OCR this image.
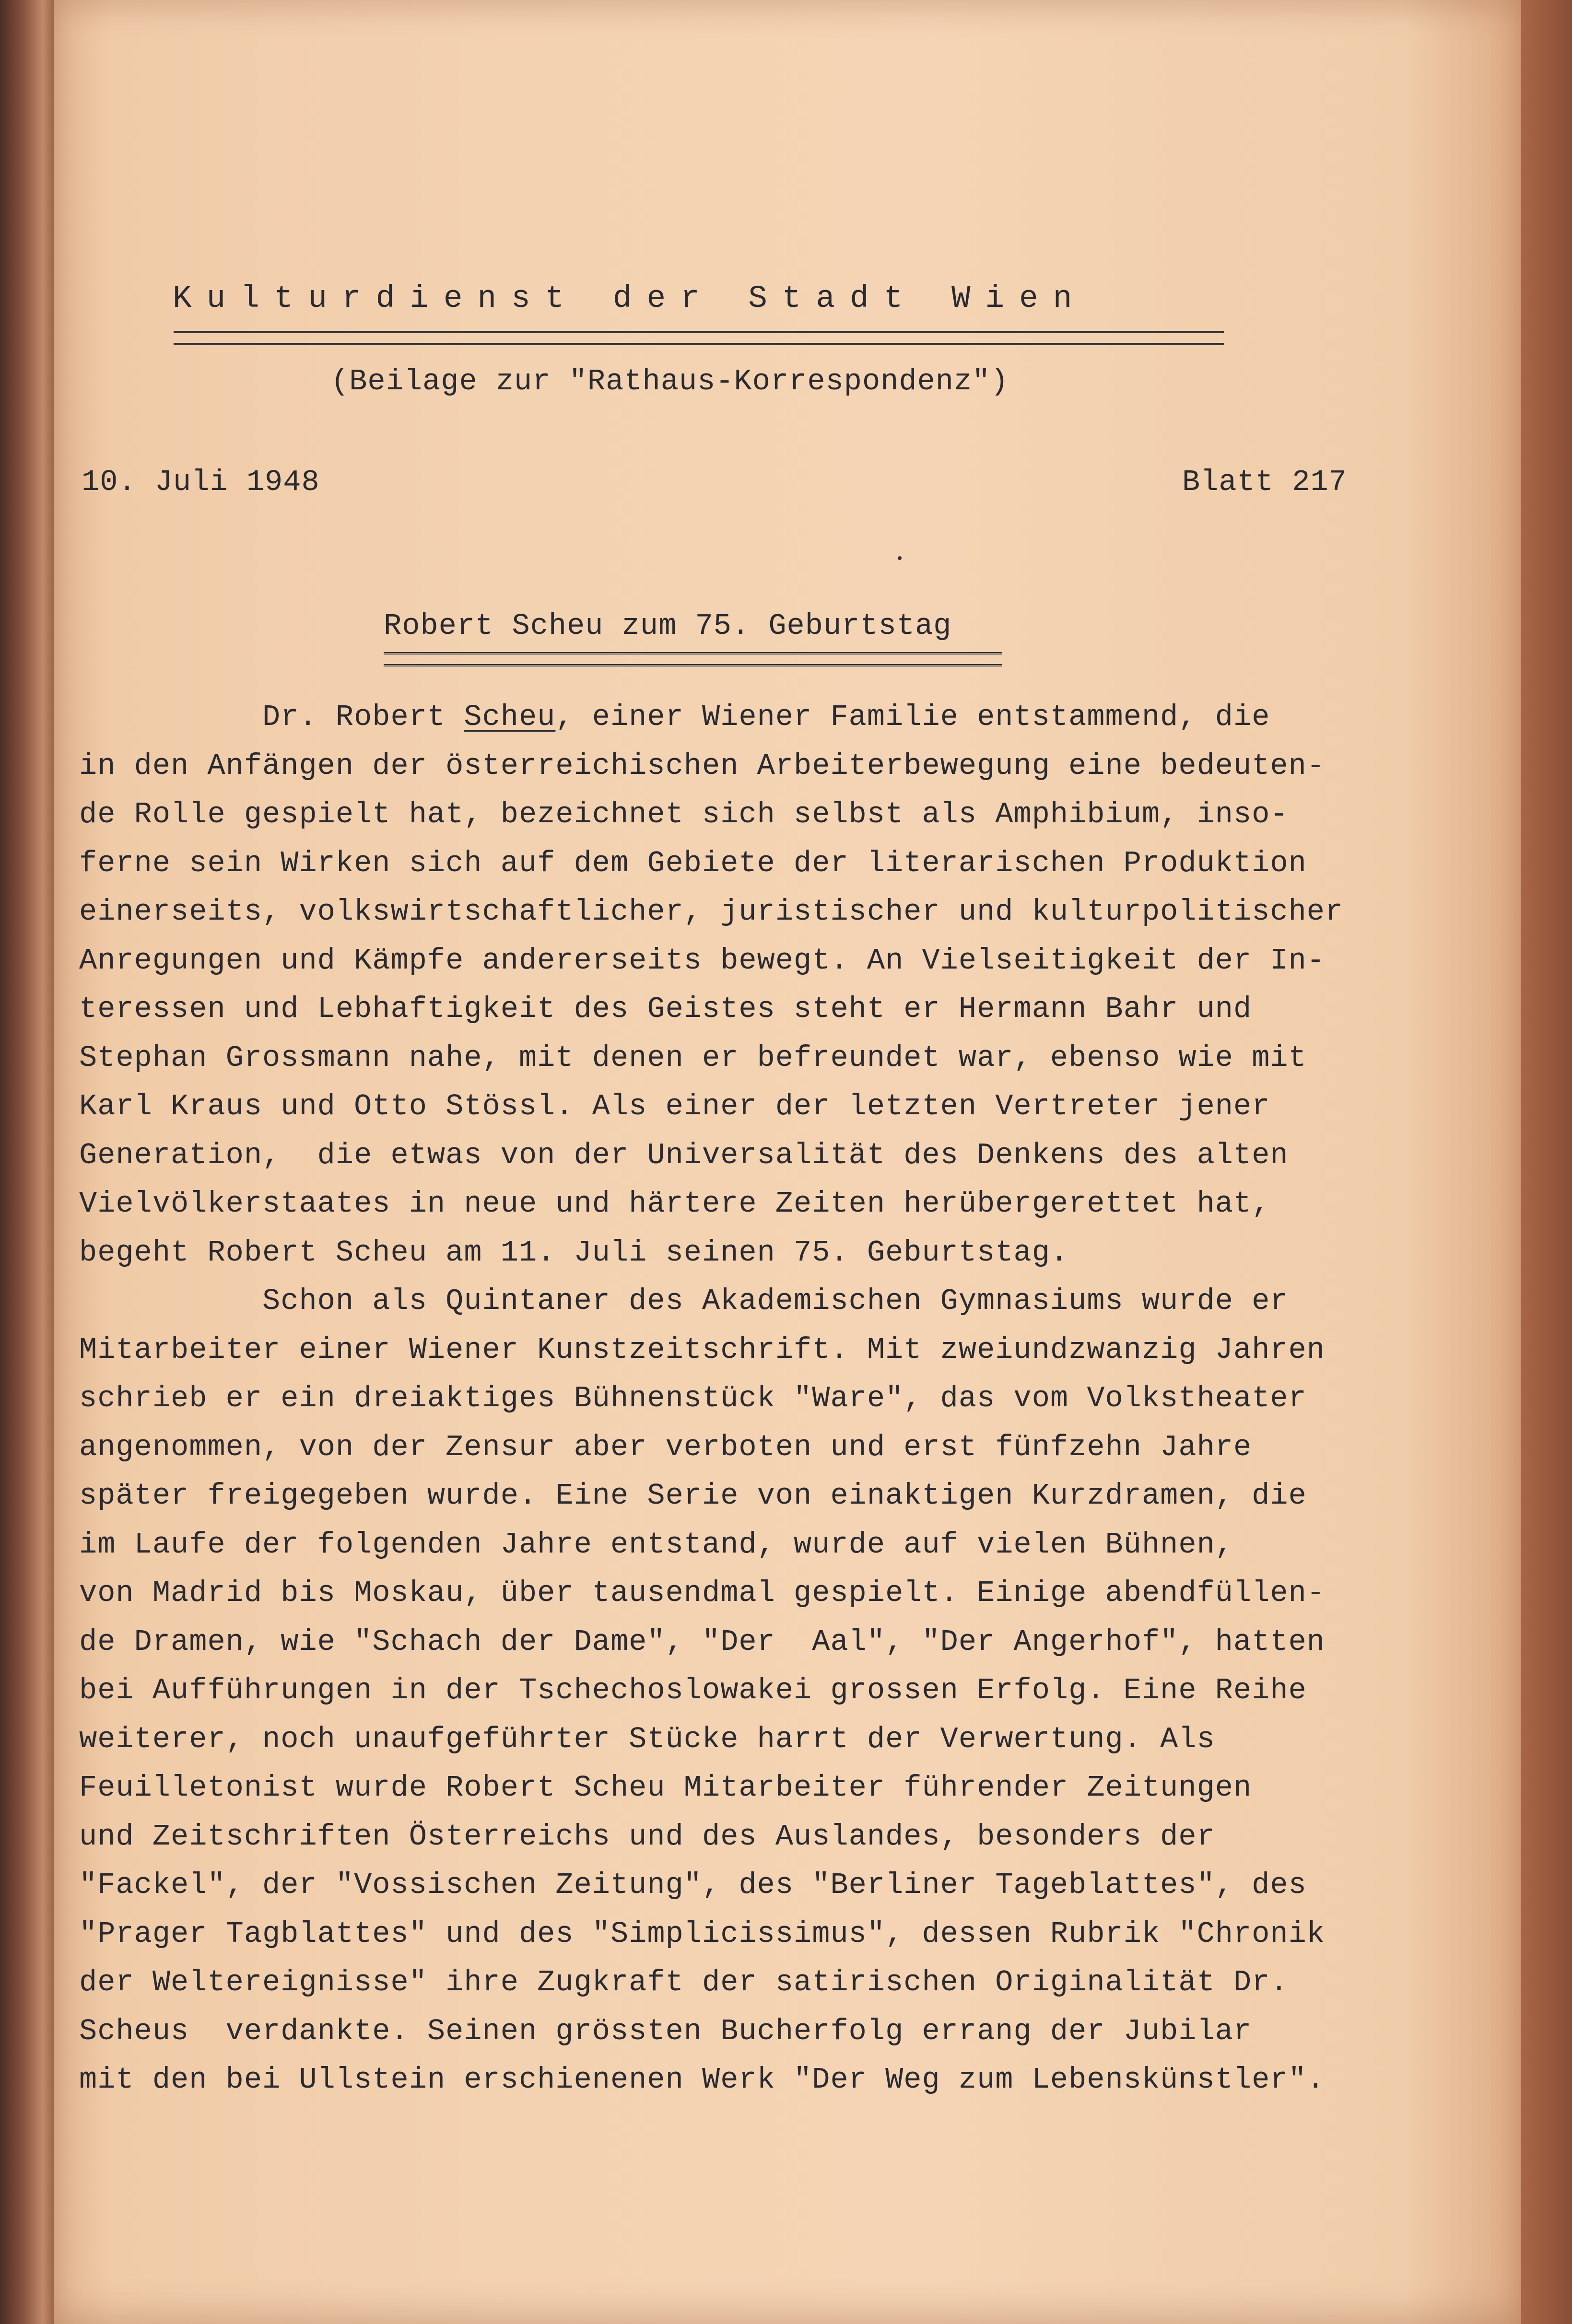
Kulturdienst der Stadt Wien
(Beilage zur "Rathaus-Korrespondenz")
10. Juli 1948	Blatt 217
Robert Scheu zum 75. Geburtstag

Dr. Robert Scheu, einer Wiener Familie entstammend, die

in den Anfängen der österreichischen Arbeiterbewegung eine bedeuten-

de Rolle gespielt hat, bezeichnet sich selbst als Amphibium, inso-

ferne sein Wirken sich auf dem Gebiete der literarischen Produktion

einerseits, volkswirtschaftlicher, juristischer und kulturpolitischer

Anregungen und Kämpfe andererseits bewegt. An Vielseitigkeit der In-

teressen und Lebhaftigkeit des Geistes steht er Hermann Bahr und

Stephan Grossmann nahe, mit denen er befreundet war, ebenso wie mit

Karl Kraus und Otto Stössl. Als einer der letzten Vertreter jener

Generation,  die etwas von der Universalität des Denkens des alten

Vielvölkerstaates in neue und härtere Zeiten herübergerettet hat,

begeht Robert Scheu am 11. Juli seinen 75. Geburtstag.

Schon als Quintaner des Akademischen Gymnasiums wurde er

Mitarbeiter einer Wiener Kunstzeitschrift. Mit zweiundzwanzig Jahren

schrieb er ein dreiaktiges Bühnenstück "Ware", das vom Volkstheater

angenommen, von der Zensur aber verboten und erst fünfzehn Jahre

später freigegeben wurde. Eine Serie von einaktigen Kurzdramen, die

im Laufe der folgenden Jahre entstand, wurde auf vielen Bühnen,

von Madrid bis Moskau, über tausendmal gespielt. Einige abendfüllen-

de Dramen, wie "Schach der Dame", "Der  Aal", "Der Angerhof", hatten

bei Aufführungen in der Tschechoslowakei grossen Erfolg. Eine Reihe

weiterer, noch unaufgeführter Stücke harrt der Verwertung. Als

Feuilletonist wurde Robert Scheu Mitarbeiter führender Zeitungen

und Zeitschriften Österreichs und des Auslandes, besonders der

"Fackel", der "Vossischen Zeitung", des "Berliner Tageblattes", des

"Prager Tagblattes" und des "Simplicissimus", dessen Rubrik "Chronik

der Weltereignisse" ihre Zugkraft der satirischen Originalität Dr.

Scheus  verdankte. Seinen grössten Bucherfolg errang der Jubilar

mit den bei Ullstein erschienenen Werk "Der Weg zum Lebenskünstler".
